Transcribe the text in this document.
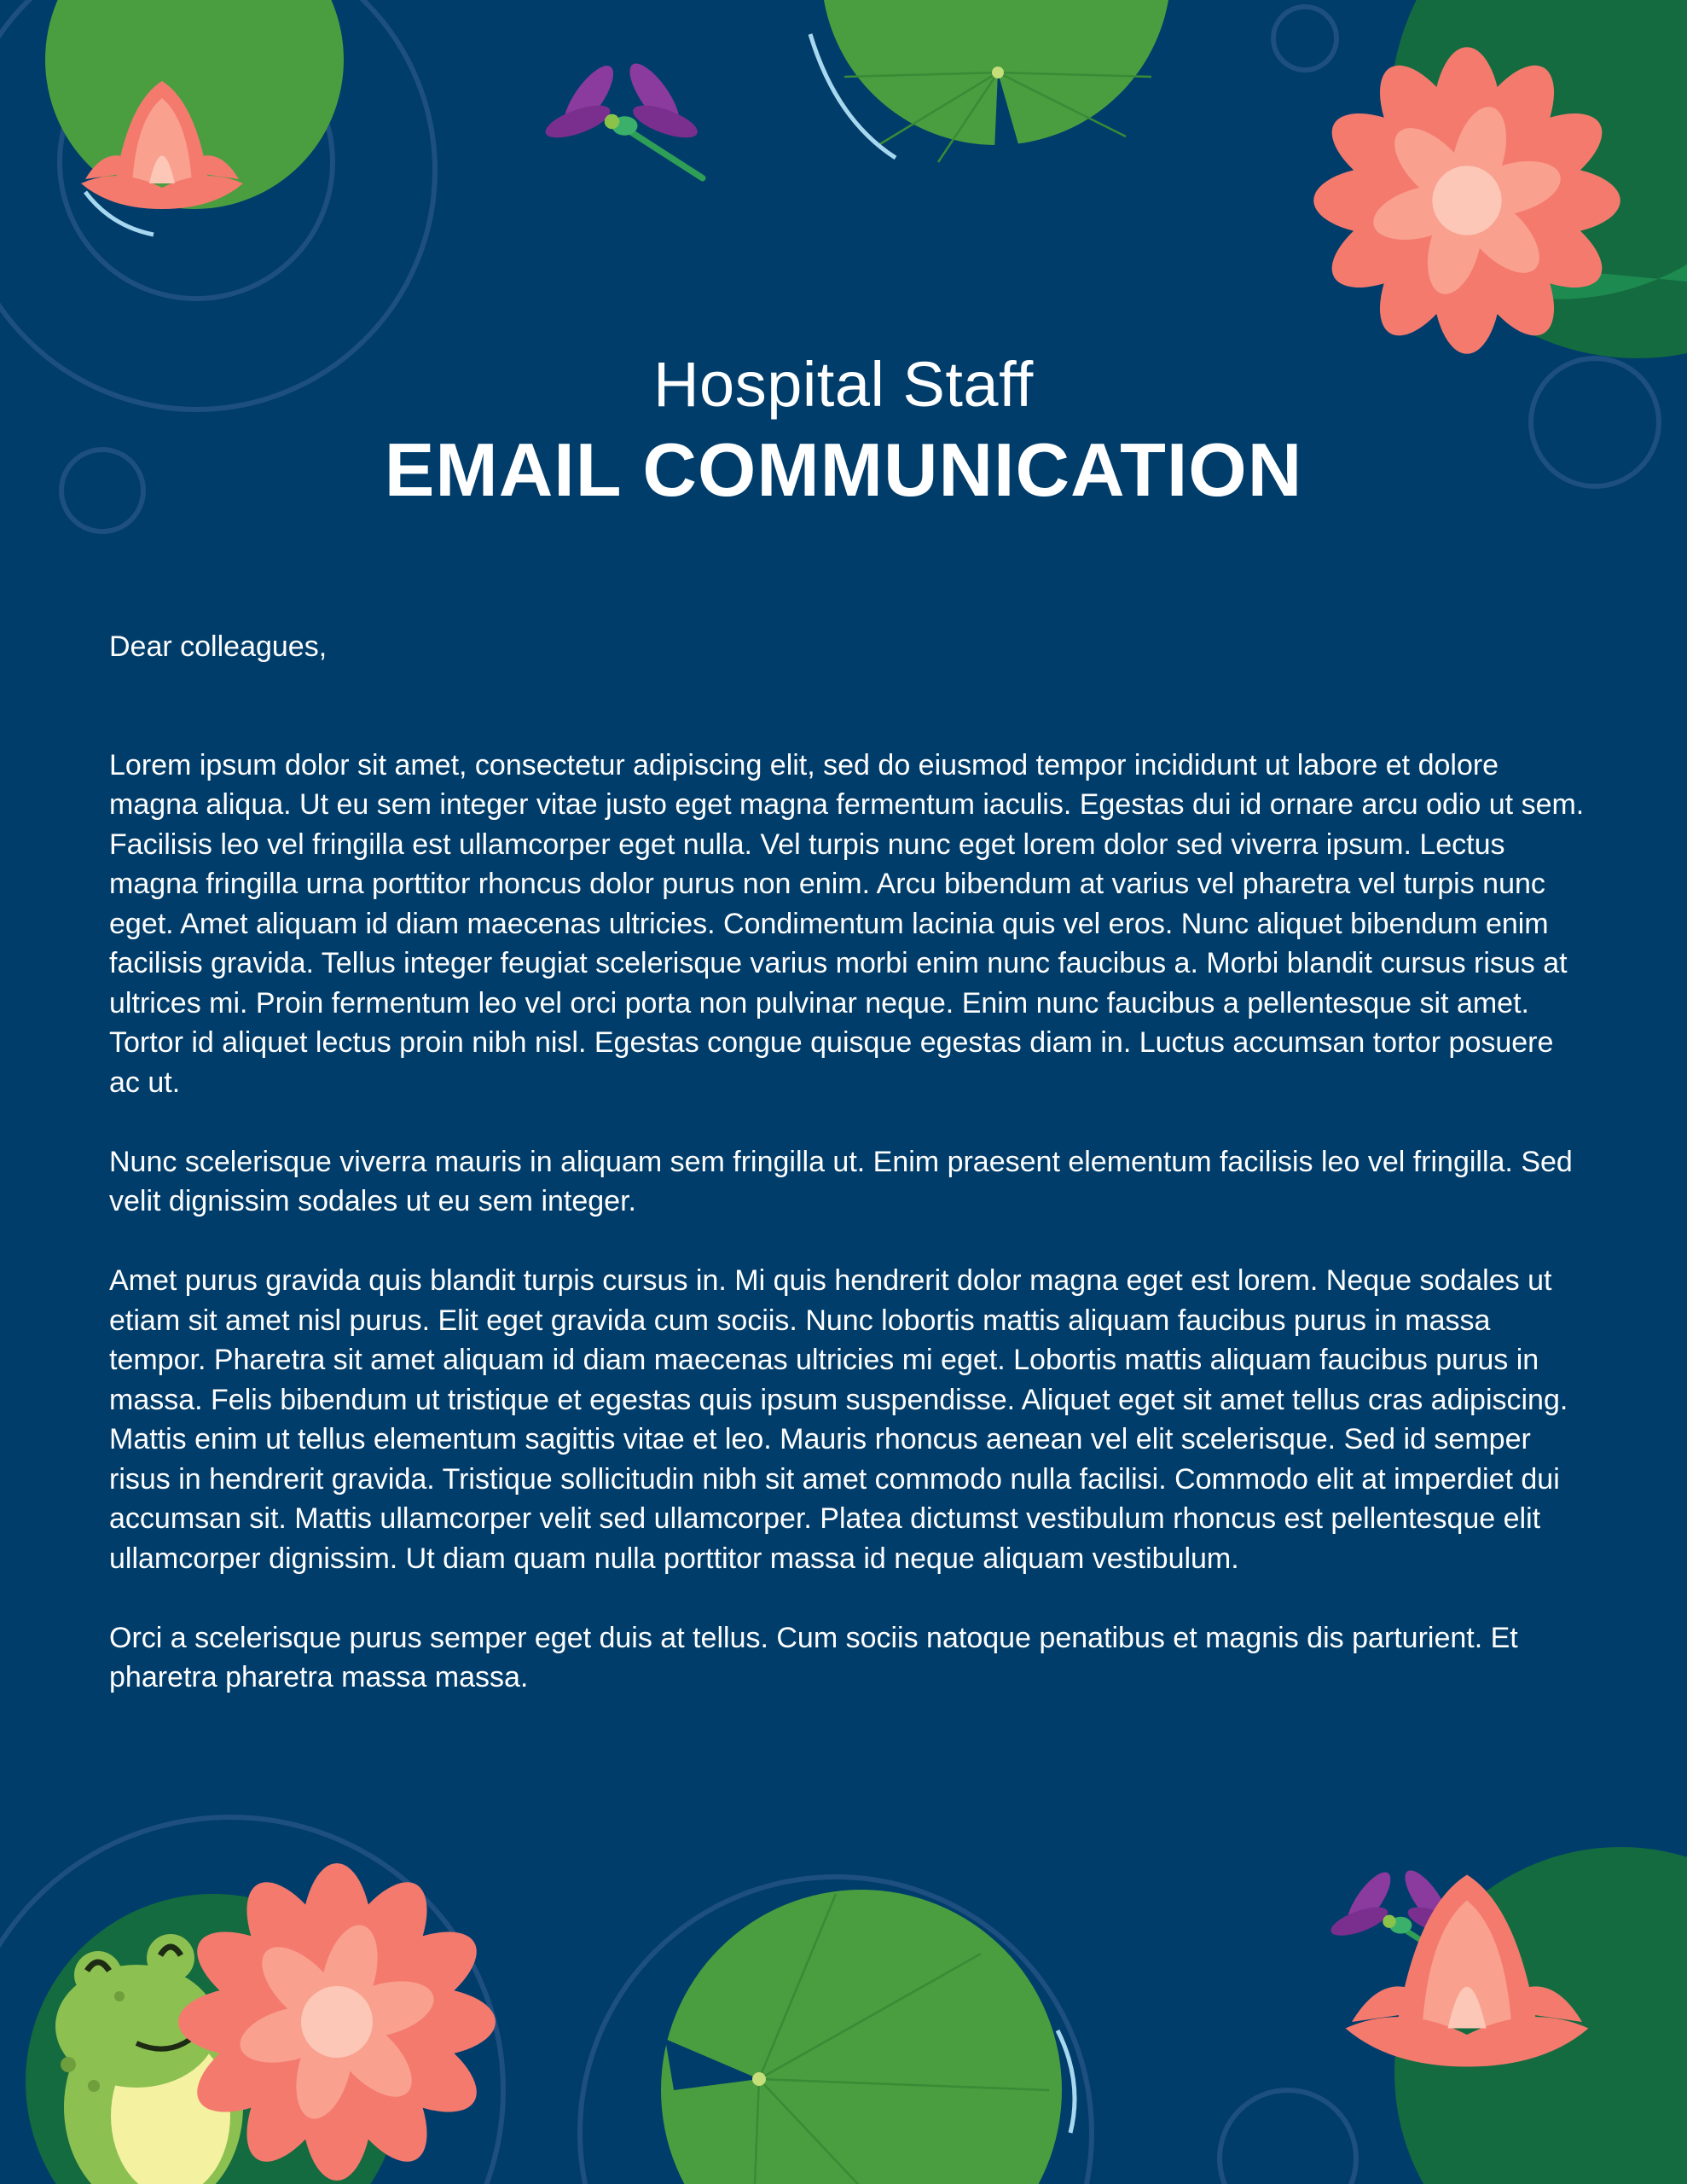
Hospital Staff
EMAIL COMMUNICATION

Dear colleagues,

Lorem ipsum dolor sit amet, consectetur adipiscing elit, sed do eiusmod tempor incididunt ut labore et dolore magna aliqua. Ut eu sem integer vitae justo eget magna fermentum iaculis. Egestas dui id ornare arcu odio ut sem. Facilisis leo vel fringilla est ullamcorper eget nulla. Vel turpis nunc eget lorem dolor sed viverra ipsum. Lectus magna fringilla urna porttitor rhoncus dolor purus non enim. Arcu bibendum at varius vel pharetra vel turpis nunc eget. Amet aliquam id diam maecenas ultricies. Condimentum lacinia quis vel eros. Nunc aliquet bibendum enim facilisis gravida. Tellus integer feugiat scelerisque varius morbi enim nunc faucibus a. Morbi blandit cursus risus at ultrices mi. Proin fermentum leo vel orci porta non pulvinar neque. Enim nunc faucibus a pellentesque sit amet. Tortor id aliquet lectus proin nibh nisl. Egestas congue quisque egestas diam in. Luctus accumsan tortor posuere ac ut.

Nunc scelerisque viverra mauris in aliquam sem fringilla ut. Enim praesent elementum facilisis leo vel fringilla. Sed velit dignissim sodales ut eu sem integer.

Amet purus gravida quis blandit turpis cursus in. Mi quis hendrerit dolor magna eget est lorem. Neque sodales ut etiam sit amet nisl purus. Elit eget gravida cum sociis. Nunc lobortis mattis aliquam faucibus purus in massa tempor. Pharetra sit amet aliquam id diam maecenas ultricies mi eget. Lobortis mattis aliquam faucibus purus in massa. Felis bibendum ut tristique et egestas quis ipsum suspendisse. Aliquet eget sit amet tellus cras adipiscing. Mattis enim ut tellus elementum sagittis vitae et leo. Mauris rhoncus aenean vel elit scelerisque. Sed id semper risus in hendrerit gravida. Tristique sollicitudin nibh sit amet commodo nulla facilisi. Commodo elit at imperdiet dui accumsan sit. Mattis ullamcorper velit sed ullamcorper. Platea dictumst vestibulum rhoncus est pellentesque elit ullamcorper dignissim. Ut diam quam nulla porttitor massa id neque aliquam vestibulum.

Orci a scelerisque purus semper eget duis at tellus. Cum sociis natoque penatibus et magnis dis parturient. Et pharetra pharetra massa massa.
